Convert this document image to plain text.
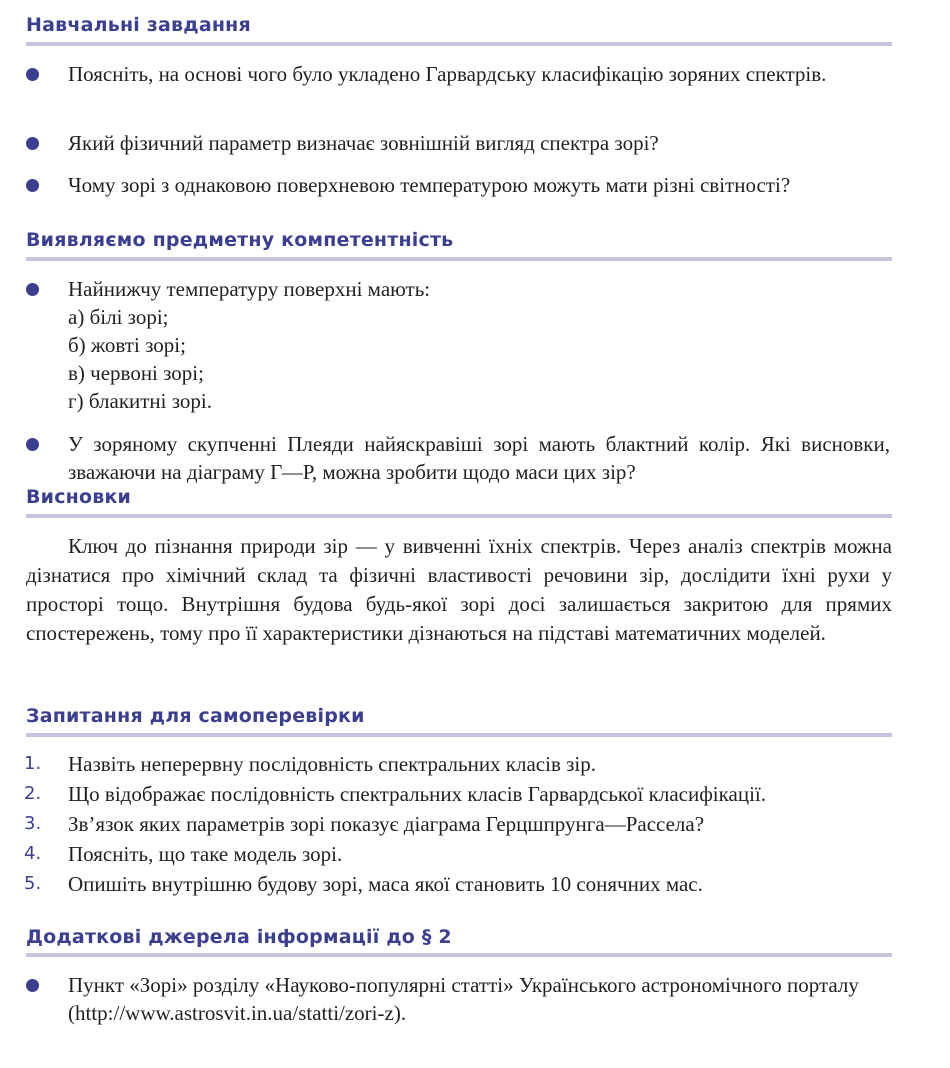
Навчальні завдання
Поясніть, на основі чого було укладено Гарвардську класифікацію зоряних спектрів.
Який фізичний параметр визначає зовнішній вигляд спектра зорі?
Чому зорі з однаковою поверхневою температурою можуть мати різні світності?
Виявляємо предметну компетентність
Найнижчу температуру поверхні мають:
а) білі зорі;
б) жовті зорі;
в) червоні зорі;
г) блакитні зорі.
У зоряному скупченні Плеяди найяскравіші зорі мають блактний колір. Які висновки, зважаючи на діаграму Г—Р, можна зробити щодо маси цих зір?
Висновки
Ключ до пізнання природи зір — у вивченні їхніх спектрів. Через аналіз спектрів можна дізнатися про хімічний склад та фізичні властивості речовини зір, дослідити їхні рухи у просторі тощо. Внутрішня будова будь-якої зорі досі залишається закритою для прямих спостережень, тому про її характеристики дізнаються на підставі математичних моделей.
Запитання для самоперевірки
1. Назвіть неперервну послідовність спектральних класів зір.
2. Що відображає послідовність спектральних класів Гарвардської класифікації.
3. Зв’язок яких параметрів зорі показує діаграма Герцшпрунга—Рассела?
4. Поясніть, що таке модель зорі.
5. Опишіть внутрішню будову зорі, маса якої становить 10 сонячних мас.
Додаткові джерела інформації до § 2
Пункт «Зорі» розділу «Науково-популярні статті» Українського астрономічного порталу
(http://www.astrosvit.in.ua/statti/zori-z).
